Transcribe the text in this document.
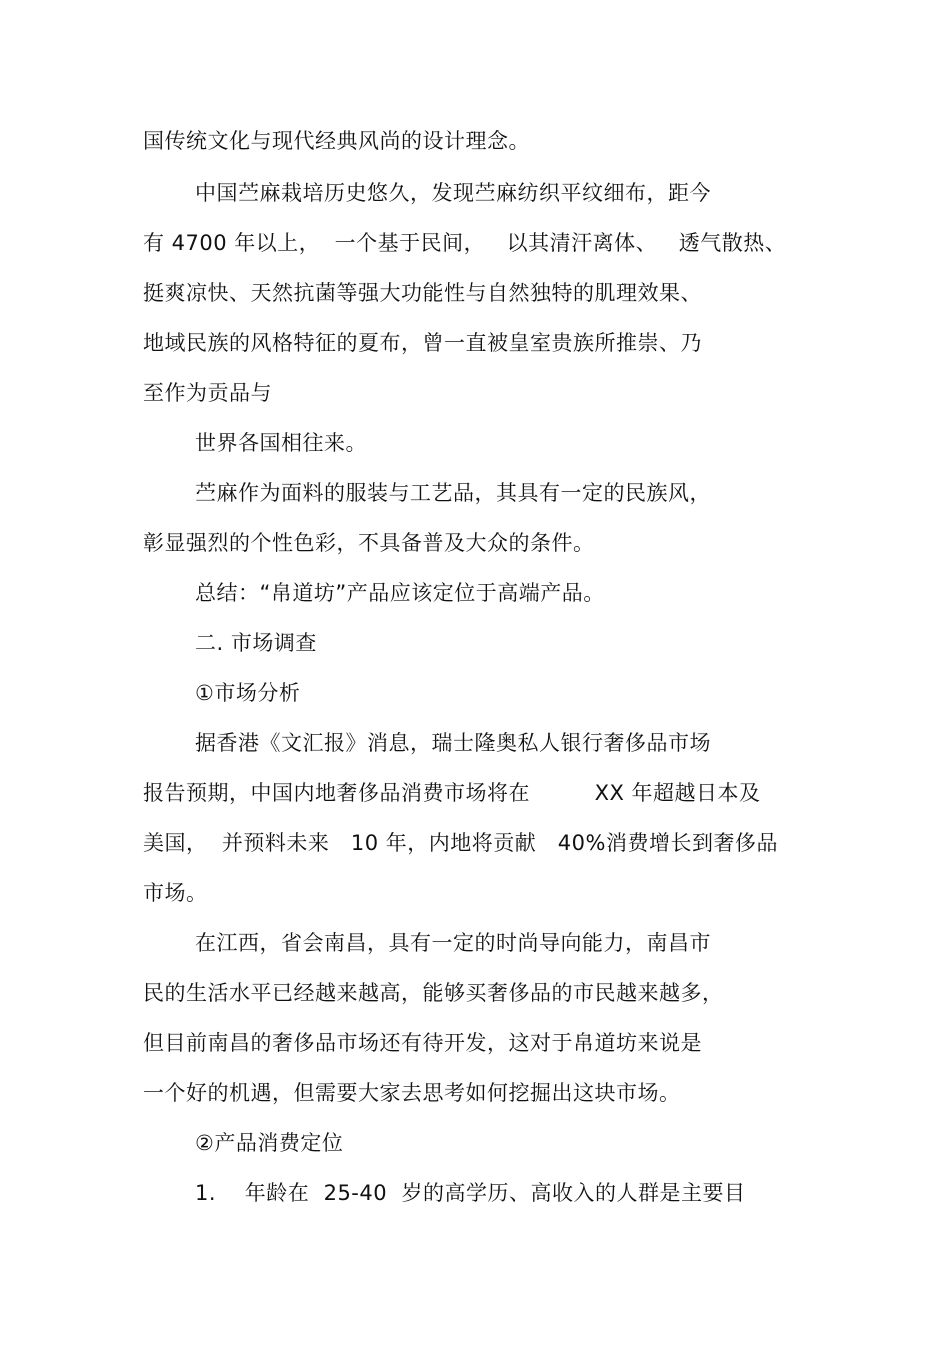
国传统文化与现代经典风尚的设计理念。
中国苎麻栽培历史悠久，发现苎麻纺织平纹细布，距今
有 4700 年以上，  一个基于民间，   以其清汗离体、   透气散热、
挺爽凉快、天然抗菌等强大功能性与自然独特的肌理效果、
地域民族的风格特征的夏布，曾一直被皇室贵族所推崇、乃
至作为贡品与
世界各国相往来。
苎麻作为面料的服装与工艺品，其具有一定的民族风，
彰显强烈的个性色彩，不具备普及大众的条件。
总结：“帛道坊”产品应该定位于高端产品。
二. 市场调查
①市场分析
据香港《文汇报》消息，瑞士隆奥私人银行奢侈品市场
报告预期，中国内地奢侈品消费市场将在         XX 年超越日本及
美国，  并预料未来   10 年，内地将贡献   40%消费增长到奢侈品
市场。
在江西，省会南昌，具有一定的时尚导向能力，南昌市
民的生活水平已经越来越高，能够买奢侈品的市民越来越多，
但目前南昌的奢侈品市场还有待开发，这对于帛道坊来说是
一个好的机遇，但需要大家去思考如何挖掘出这块市场。
②产品消费定位
1.    年龄在  25-40  岁的高学历、高收入的人群是主要目
